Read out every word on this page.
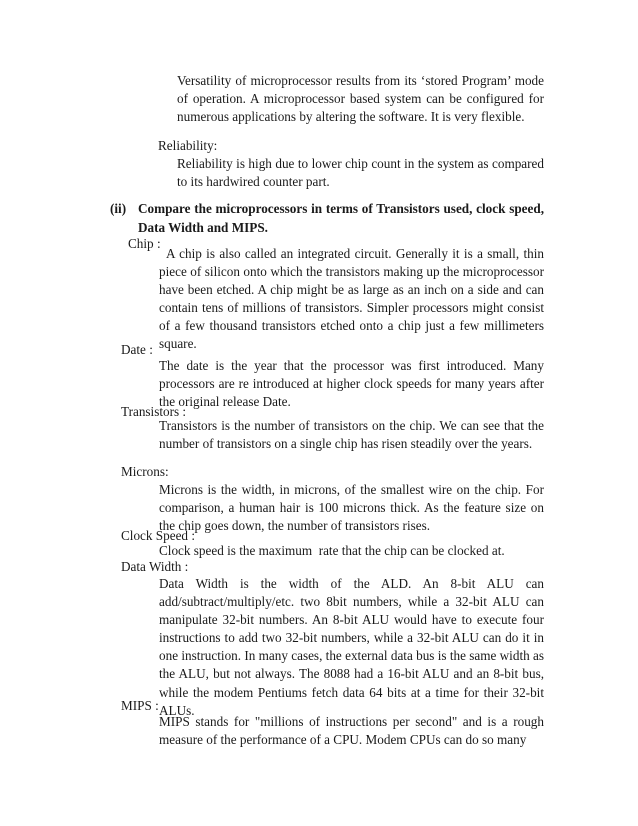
Versatility of microprocessor results from its ‘stored Program’ mode of operation. A microprocessor based system can be configured for numerous applications by altering the software. It is very flexible.
Reliability:
Reliability is high due to lower chip count in the system as compared to its hardwired counter part.
(ii) Compare the microprocessors in terms of Transistors used, clock speed, Data Width and MIPS.
Chip :
A chip is also called an integrated circuit. Generally it is a small, thin piece of silicon onto which the transistors making up the microprocessor have been etched. A chip might be as large as an inch on a side and can contain tens of millions of transistors. Simpler processors might consist of a few thousand transistors etched onto a chip just a few millimeters square.
Date :
The date is the year that the processor was first introduced. Many processors are re introduced at higher clock speeds for many years after the original release Date.
Transistors :
Transistors is the number of transistors on the chip. We can see that the number of transistors on a single chip has risen steadily over the years.
Microns:
Microns is the width, in microns, of the smallest wire on the chip. For comparison, a human hair is 100 microns thick. As the feature size on the chip goes down, the number of transistors rises.
Clock Speed :
Clock speed is the maximum  rate that the chip can be clocked at.
Data Width :
Data Width is the width of the ALD. An 8-bit ALU can add/subtract/multiply/etc. two 8bit numbers, while a 32-bit ALU can manipulate 32-bit numbers. An 8-bit ALU would have to execute four instructions to add two 32-bit numbers, while a 32-bit ALU can do it in one instruction. In many cases, the external data bus is the same width as the ALU, but not always. The 8088 had a 16-bit ALU and an 8-bit bus, while the modem Pentiums fetch data 64 bits at a time for their 32-bit ALUs.
MIPS :
MIPS stands for "millions of instructions per second" and is a rough measure of the performance of a CPU. Modem CPUs can do so many
